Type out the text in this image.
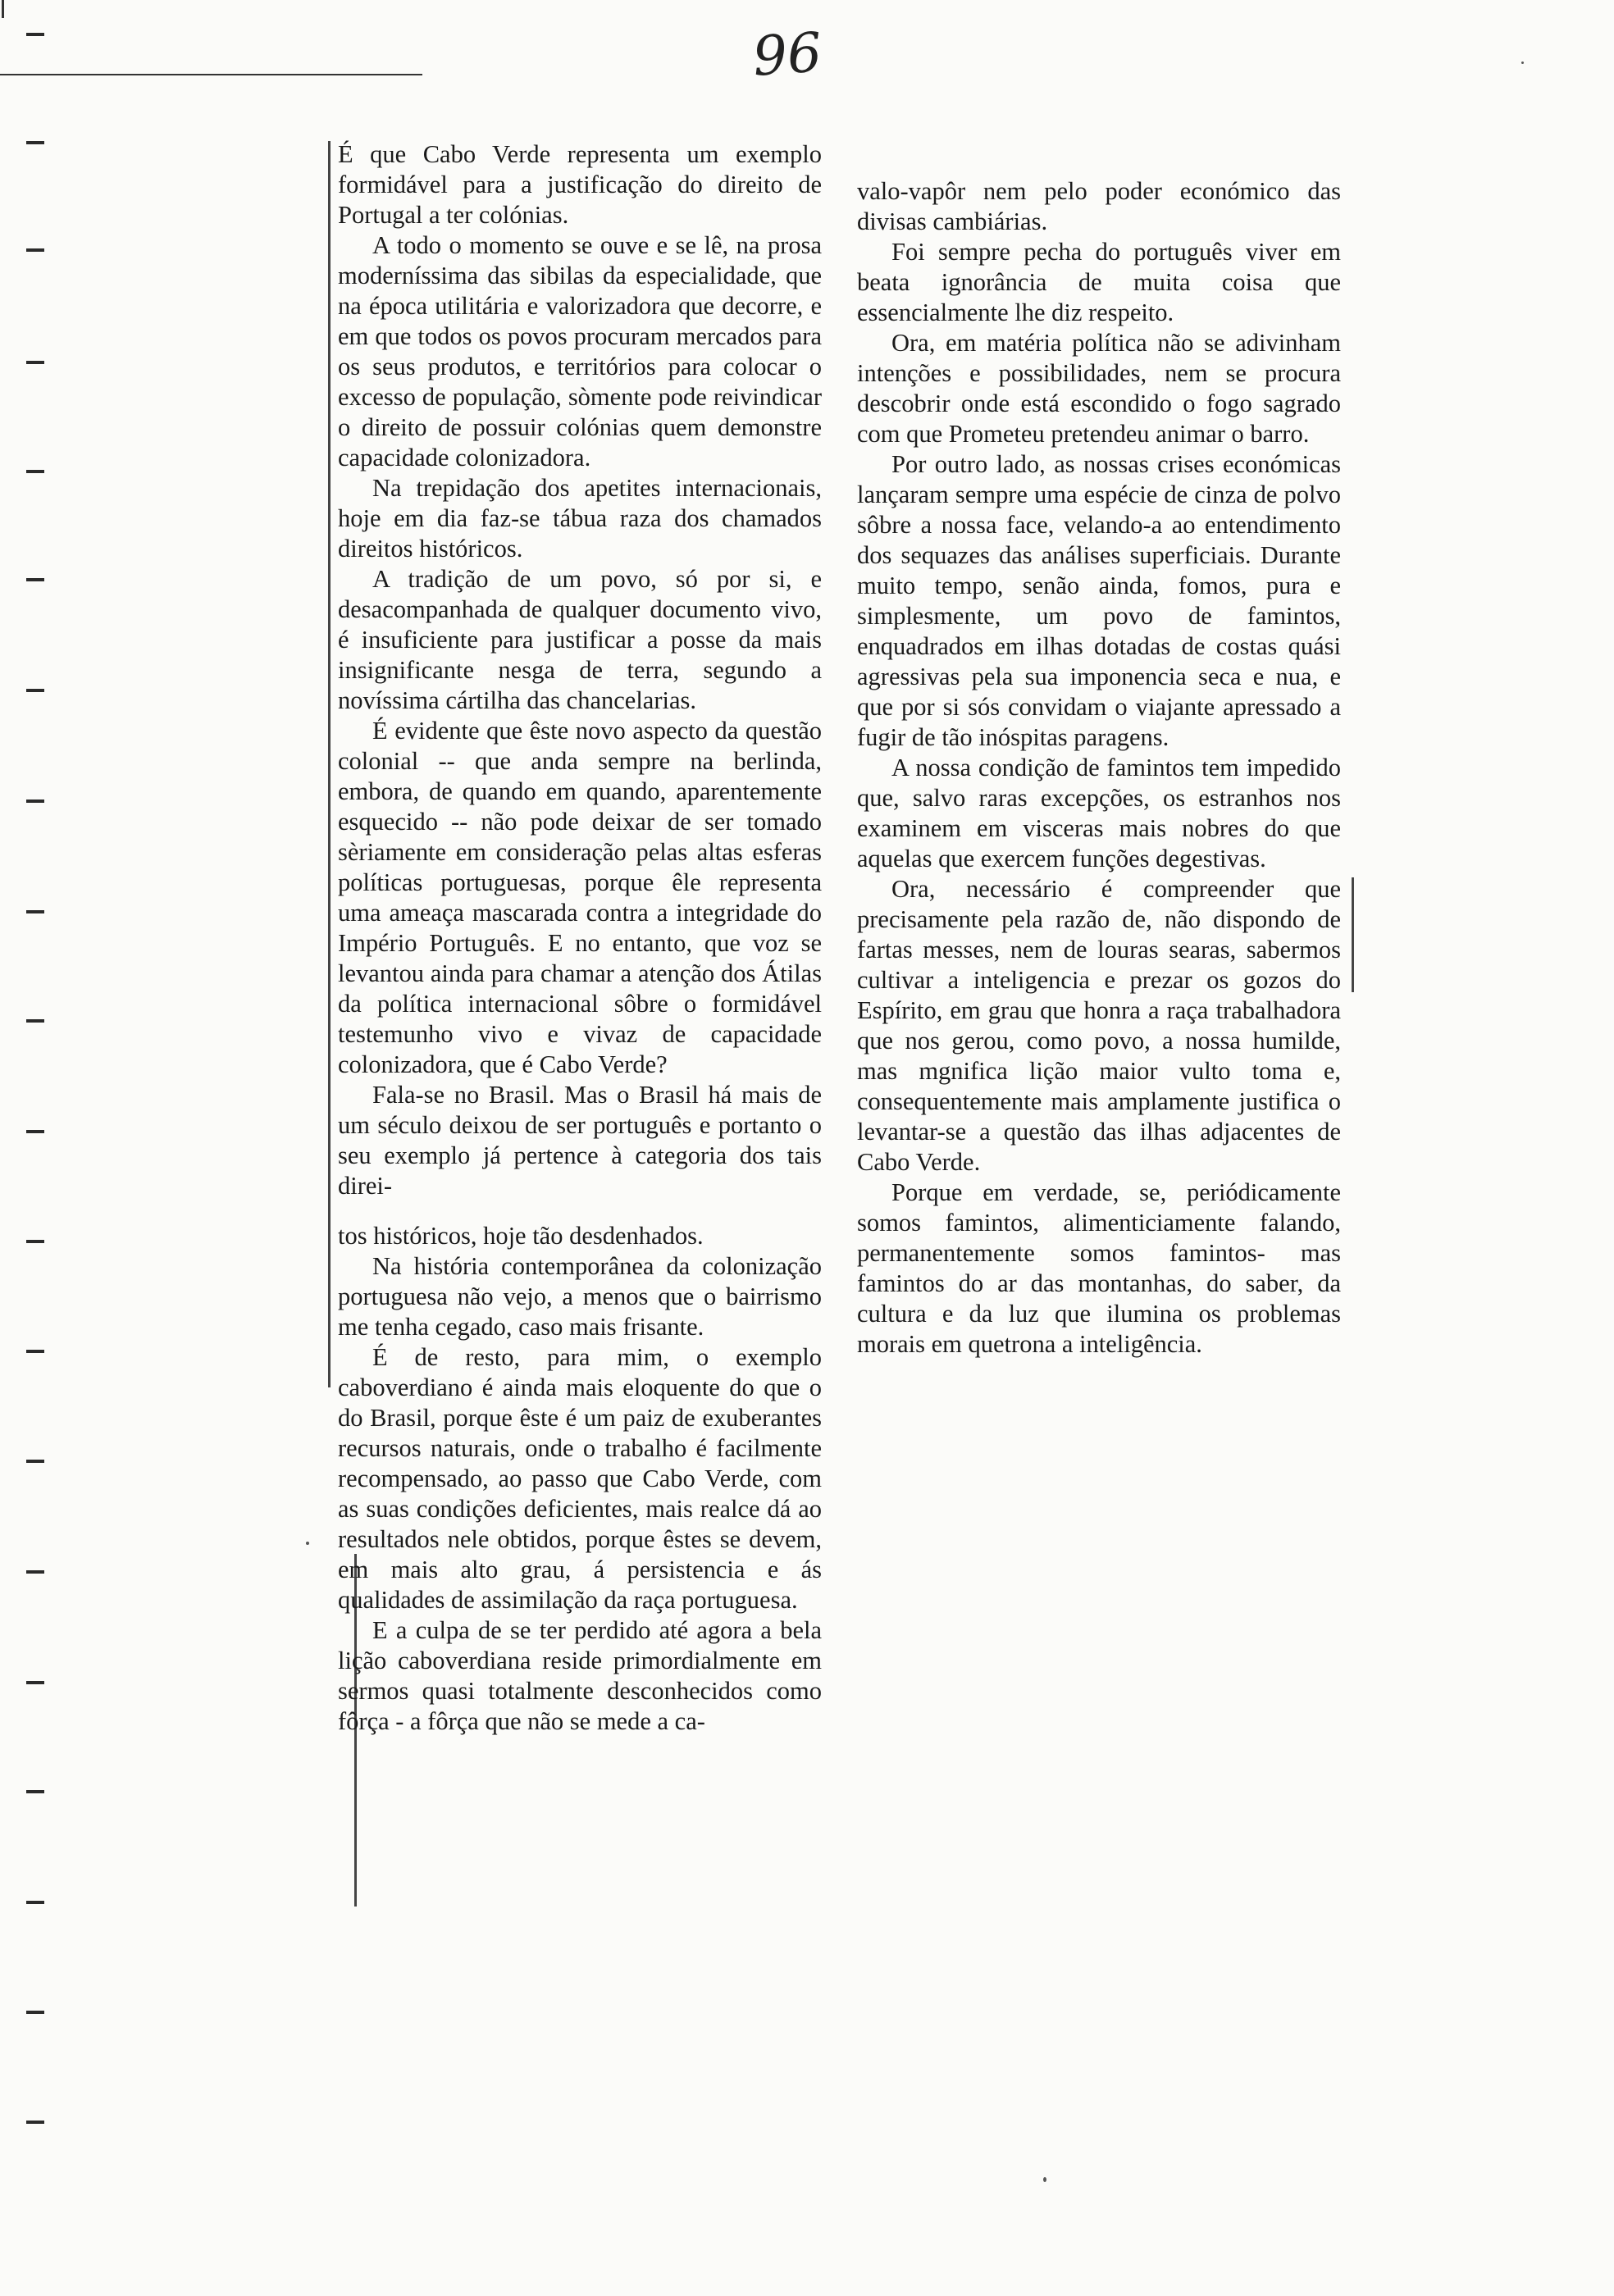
96

É que Cabo Verde representa um exemplo formidável para a justificação do direito de Portugal a ter colónias.

A todo o momento se ouve e se lê, na prosa moderníssima das sibilas da especialidade, que na época utilitária e valorizadora que decorre, e em que todos os povos procuram mercados para os seus produtos, e territórios para colocar o excesso de população, sòmente pode reivindicar o direito de possuir colónias quem demonstre capacidade colonizadora.

Na trepidação dos apetites internacionais, hoje em dia faz-se tábua raza dos chamados direitos históricos.

A tradição de um povo, só por si, e desacompanhada de qualquer documento vivo, é insuficiente para justificar a posse da mais insignificante nesga de terra, segundo a novíssima cártilha das chancelarias.

É evidente que êste novo aspecto da questão colonial -- que anda sempre na berlinda, embora, de quando em quando, aparentemente esquecido -- não pode deixar de ser tomado sèriamente em consideração pelas altas esferas políticas portuguesas, porque êle representa uma ameaça mascarada contra a integridade do Império Português. E no entanto, que voz se levantou ainda para chamar a atenção dos Átilas da política internacional sôbre o formidável testemunho vivo e vivaz de capacidade colonizadora, que é Cabo Verde?

Fala-se no Brasil. Mas o Brasil há mais de um século deixou de ser português e portanto o seu exemplo já pertence à categoria dos tais direi-

tos históricos, hoje tão desdenhados.

Na história contemporânea da colonização portuguesa não vejo, a menos que o bairrismo me tenha cegado, caso mais frisante.

É de resto, para mim, o exemplo caboverdiano é ainda mais eloquente do que o do Brasil, porque êste é um paiz de exuberantes recursos naturais, onde o trabalho é facilmente recompensado, ao passo que Cabo Verde, com as suas condições deficientes, mais realce dá ao resultados nele obtidos, porque êstes se devem, em mais alto grau, á persistencia e ás qualidades de assimilação da raça portuguesa.

E a culpa de se ter perdido até agora a bela lição caboverdiana reside primordialmente em sermos quasi totalmente desconhecidos como fôrça - a fôrça que não se mede a ca-

valo-vapôr nem pelo poder económico das divisas cambiárias.

Foi sempre pecha do português viver em beata ignorância de muita coisa que essencialmente lhe diz respeito.

Ora, em matéria política não se adivinham intenções e possibilidades, nem se procura descobrir onde está escondido o fogo sagrado com que Prometeu pretendeu animar o barro.

Por outro lado, as nossas crises económicas lançaram sempre uma espécie de cinza de polvo sôbre a nossa face, velando-a ao entendimento dos sequazes das análises superficiais. Durante muito tempo, senão ainda, fomos, pura e simplesmente, um povo de famintos, enquadrados em ilhas dotadas de costas quási agressivas pela sua imponencia seca e nua, e que por si sós convidam o viajante apressado a fugir de tão inóspitas paragens.

A nossa condição de famintos tem impedido que, salvo raras excepções, os estranhos nos examinem em visceras mais nobres do que aquelas que exercem funções degestivas.

Ora, necessário é compreender que precisamente pela razão de, não dispondo de fartas messes, nem de louras searas, sabermos cultivar a inteligencia e prezar os gozos do Espírito, em grau que honra a raça trabalhadora que nos gerou, como povo, a nossa humilde, mas mgnifica lição maior vulto toma e, consequentemente mais amplamente justifica o levantar-se a questão das ilhas adjacentes de Cabo Verde.

Porque em verdade, se, periódicamente somos famintos, alimenticiamente falando, permanentemente somos famintos- mas famintos do ar das montanhas, do saber, da cultura e da luz que ilumina os problemas morais em quetrona a inteligência.
